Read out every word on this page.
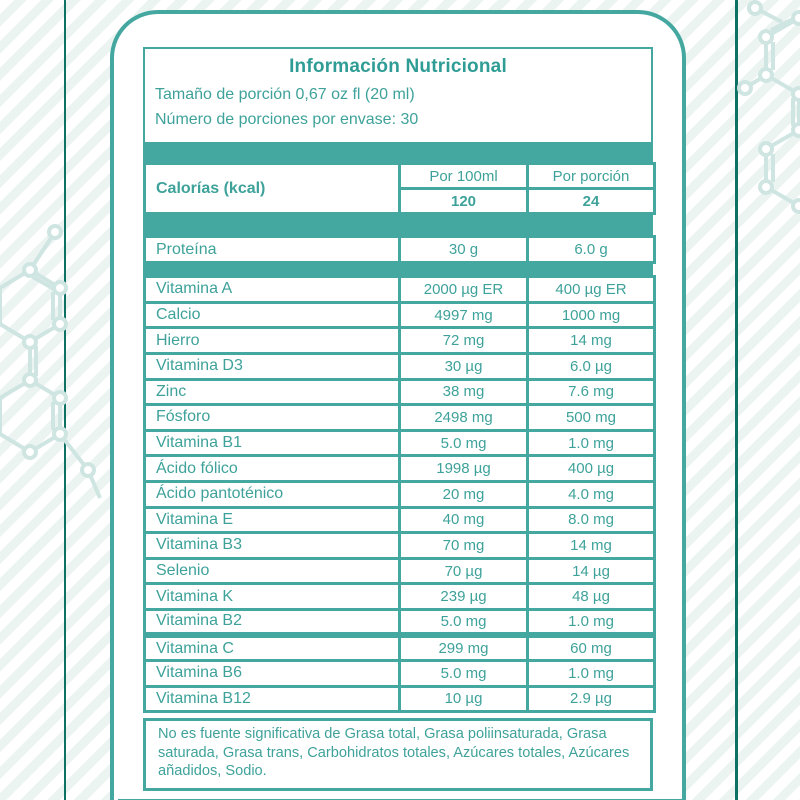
Información Nutricional
Tamaño de porción 0,67 oz fl (20 ml)
Número de porciones por envase: 30
Calorías (kcal)	Por 100ml	Por porción
	120	24
Proteína	30 g	6.0 g
Vitamina A	2000 µg ER	400 µg ER
Calcio	4997 mg	1000 mg
Hierro	72 mg	14 mg
Vitamina D3	30 µg	6.0 µg
Zinc	38 mg	7.6 mg
Fósforo	2498 mg	500 mg
Vitamina B1	5.0 mg	1.0 mg
Ácido fólico	1998 µg	400 µg
Ácido pantoténico	20 mg	4.0 mg
Vitamina E	40 mg	8.0 mg
Vitamina B3	70 mg	14 mg
Selenio	70 µg	14 µg
Vitamina K	239 µg	48 µg
Vitamina B2	5.0 mg	1.0 mg
Vitamina C	299 mg	60 mg
Vitamina B6	5.0 mg	1.0 mg
Vitamina B12	10 µg	2.9 µg
No es fuente significativa de Grasa total, Grasa poliinsaturada, Grasa saturada, Grasa trans, Carbohidratos totales, Azúcares totales, Azúcares añadidos, Sodio.
